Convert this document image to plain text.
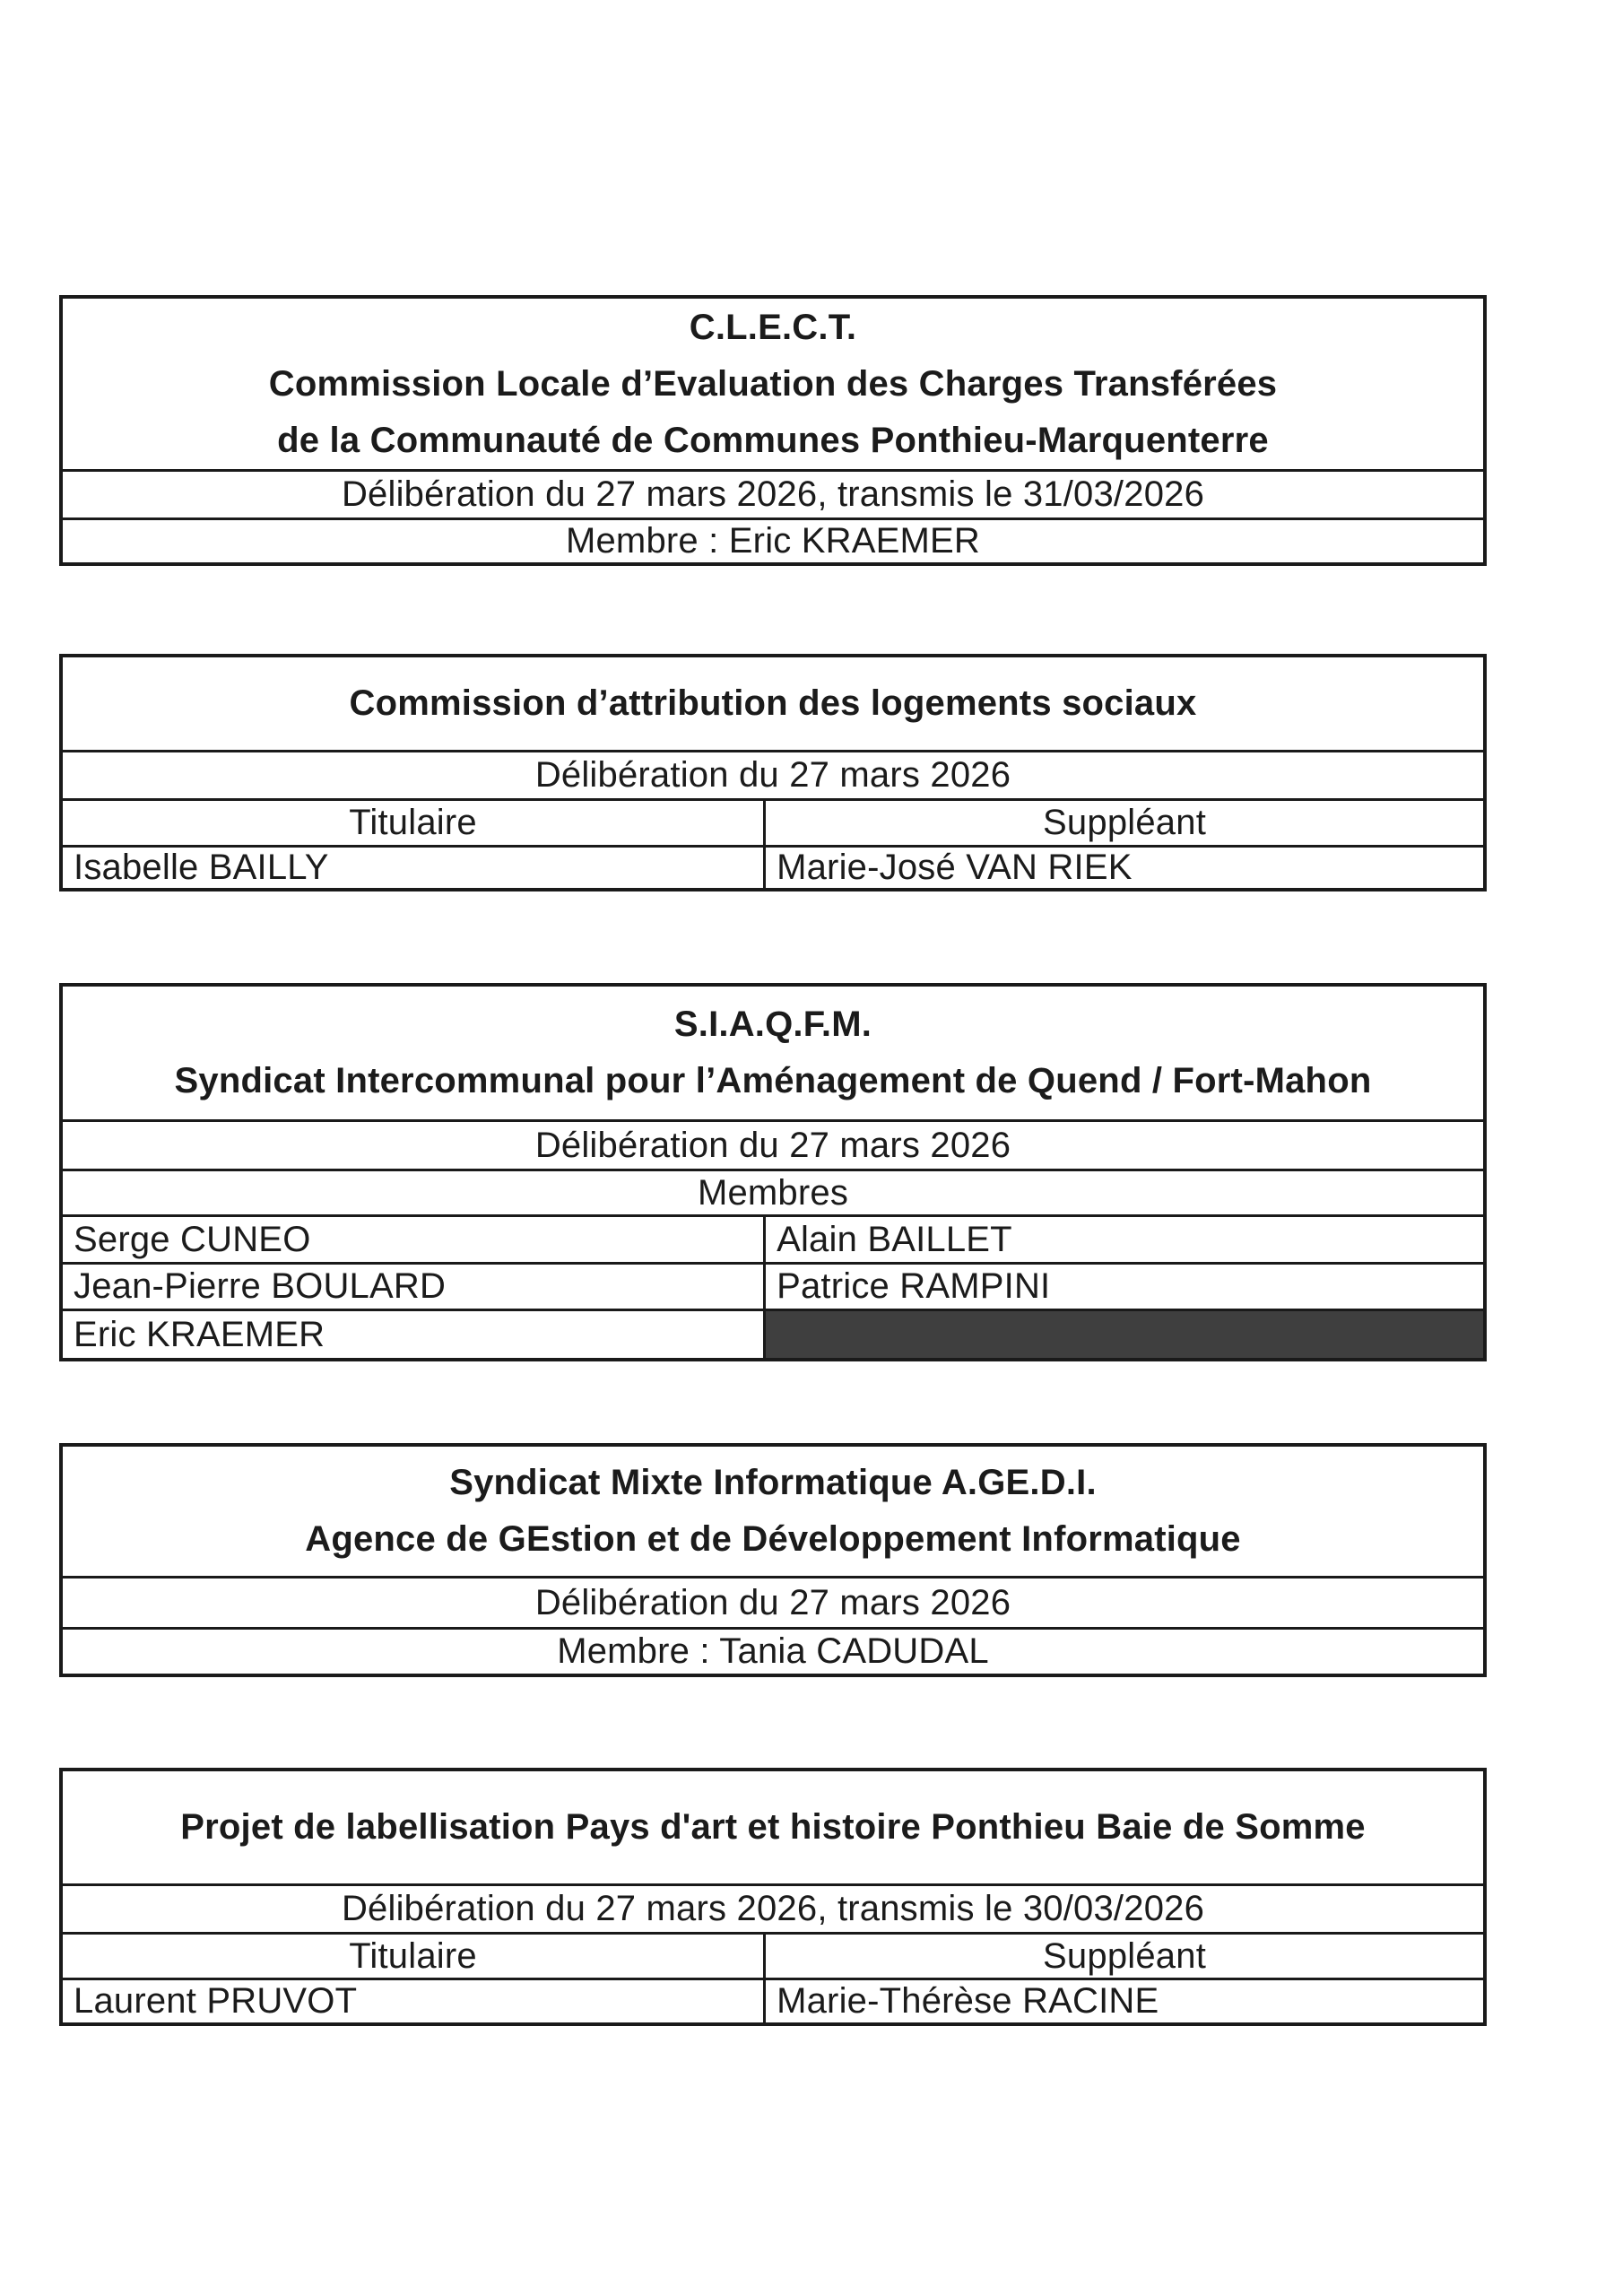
C.L.E.C.T.
Commission Locale d’Evaluation des Charges Transférées
de la Communauté de Communes Ponthieu-Marquenterre
Délibération du 27 mars 2026, transmis le 31/03/2026
Membre : Eric KRAEMER
Commission d’attribution des logements sociaux
Délibération du 27 mars 2026
Titulaire	Suppléant
Isabelle BAILLY	Marie-José VAN RIEK
S.I.A.Q.F.M.
Syndicat Intercommunal pour l’Aménagement de Quend / Fort-Mahon
Délibération du 27 mars 2026
Membres
Serge CUNEO	Alain BAILLET
Jean-Pierre BOULARD	Patrice RAMPINI
Eric KRAEMER
Syndicat Mixte Informatique A.GE.D.I.
Agence de GEstion et de Développement Informatique
Délibération du 27 mars 2026
Membre : Tania CADUDAL
Projet de labellisation Pays d'art et histoire Ponthieu Baie de Somme
Délibération du 27 mars 2026, transmis le 30/03/2026
Titulaire	Suppléant
Laurent PRUVOT	Marie-Thérèse RACINE
